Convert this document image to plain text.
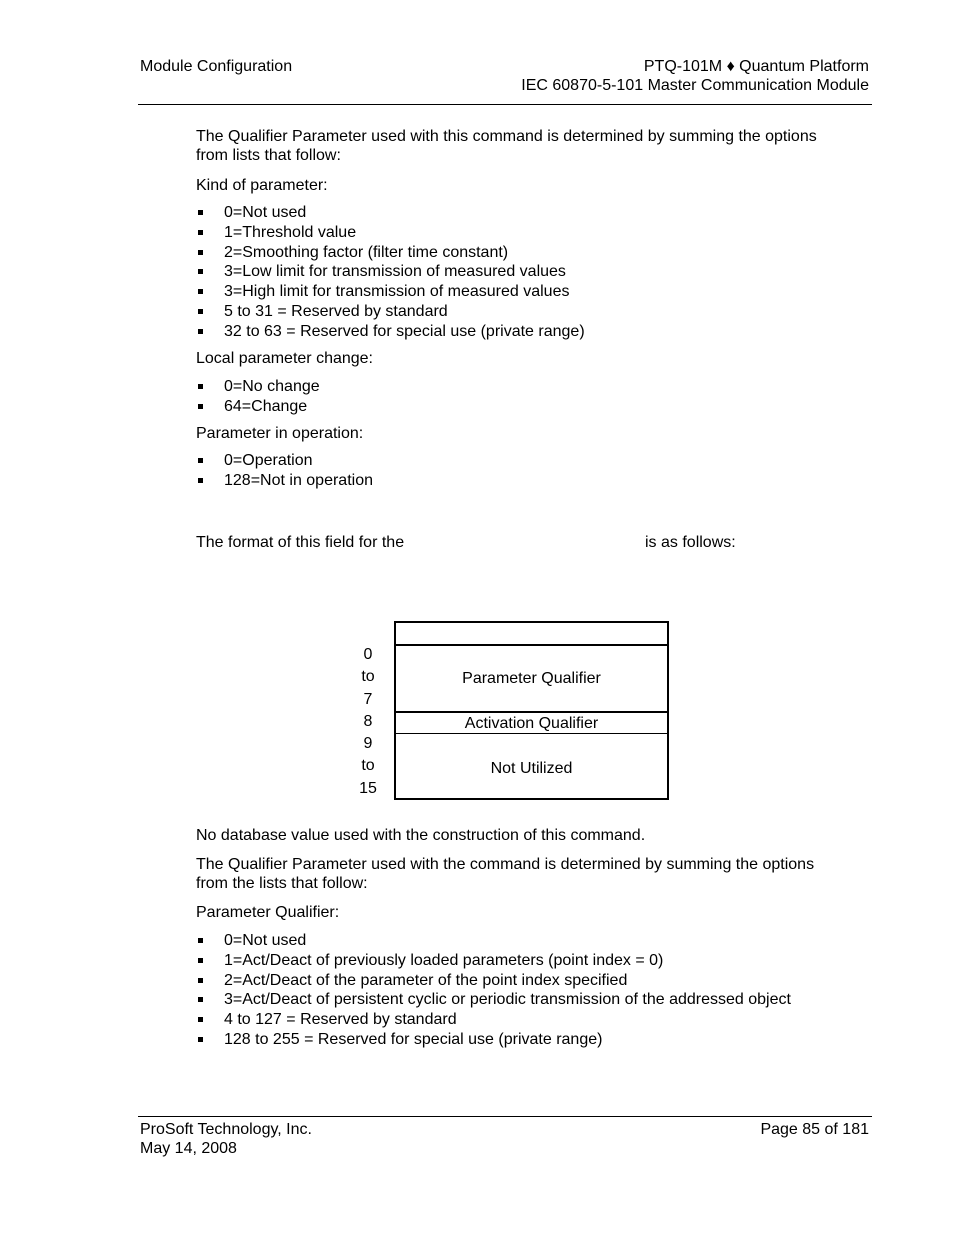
Module Configuration	PTQ-101M ♦ Quantum Platform
IEC 60870-5-101 Master Communication Module

The Qualifier Parameter used with this command is determined by summing the options from lists that follow:

Kind of parameter:

0=Not used
1=Threshold value
2=Smoothing factor (filter time constant)
3=Low limit for transmission of measured values
3=High limit for transmission of measured values
5 to 31 = Reserved by standard
32 to 63 = Reserved for special use (private range)

Local parameter change:

0=No change
64=Change

Parameter in operation:

0=Operation
128=Not in operation
The format of this field for the	is as follows:
0
to
7
8
9
to
15
Parameter Qualifier
Activation Qualifier
Not Utilized

No database value used with the construction of this command.

The Qualifier Parameter used with the command is determined by summing the options from the lists that follow:

Parameter Qualifier:

0=Not used
1=Act/Deact of previously loaded parameters (point index = 0)
2=Act/Deact of the parameter of the point index specified
3=Act/Deact of persistent cyclic or periodic transmission of the addressed object
4 to 127 = Reserved by standard
128 to 255 = Reserved for special use (private range)
ProSoft Technology, Inc.
May 14, 2008
Page 85 of 181
